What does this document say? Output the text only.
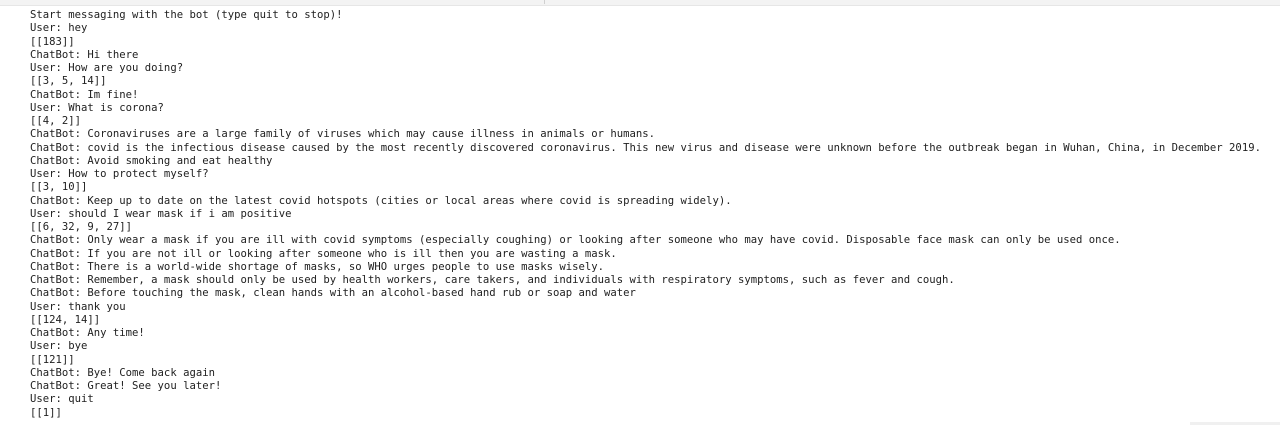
Start messaging with the bot (type quit to stop)!
User: hey
[[183]]
ChatBot: Hi there
User: How are you doing?
[[3, 5, 14]]
ChatBot: Im fine!
User: What is corona?
[[4, 2]]
ChatBot: Coronaviruses are a large family of viruses which may cause illness in animals or humans.
ChatBot: covid is the infectious disease caused by the most recently discovered coronavirus. This new virus and disease were unknown before the outbreak began in Wuhan, China, in December 2019.
ChatBot: Avoid smoking and eat healthy
User: How to protect myself?
[[3, 10]]
ChatBot: Keep up to date on the latest covid hotspots (cities or local areas where covid is spreading widely).
User: should I wear mask if i am positive
[[6, 32, 9, 27]]
ChatBot: Only wear a mask if you are ill with covid symptoms (especially coughing) or looking after someone who may have covid. Disposable face mask can only be used once.
ChatBot: If you are not ill or looking after someone who is ill then you are wasting a mask.
ChatBot: There is a world-wide shortage of masks, so WHO urges people to use masks wisely.
ChatBot: Remember, a mask should only be used by health workers, care takers, and individuals with respiratory symptoms, such as fever and cough.
ChatBot: Before touching the mask, clean hands with an alcohol-based hand rub or soap and water
User: thank you
[[124, 14]]
ChatBot: Any time!
User: bye
[[121]]
ChatBot: Bye! Come back again
ChatBot: Great! See you later!
User: quit
[[1]]
